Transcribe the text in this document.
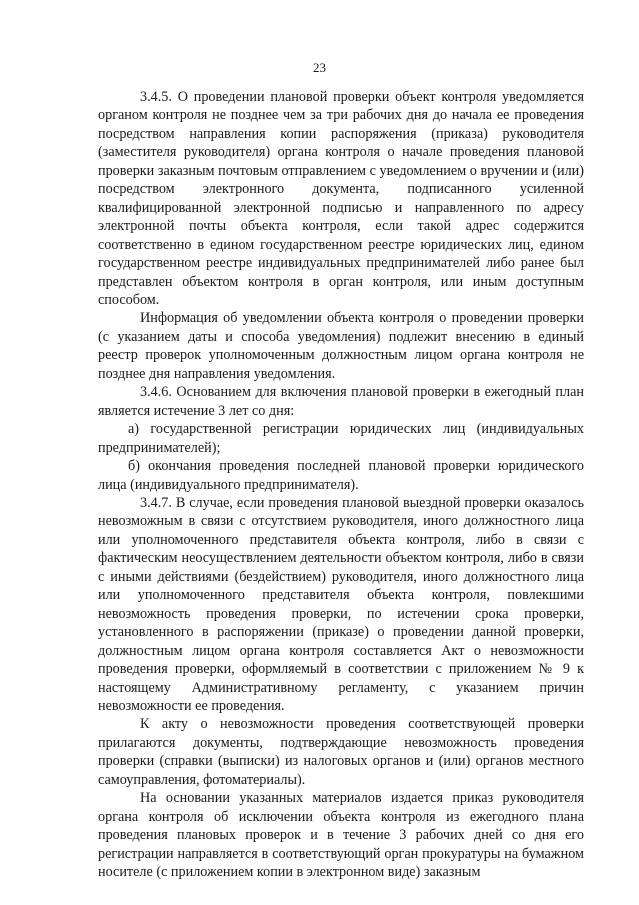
23

3.4.5. О проведении плановой проверки объект контроля уведомляется органом контроля не позднее чем за три рабочих дня до начала ее проведения посредством направления копии распоряжения (приказа) руководителя (заместителя руководителя) органа контроля о начале проведения плановой проверки заказным почтовым отправлением с уведомлением о вручении и (или) посредством электронного документа, подписанного усиленной квалифицированной электронной подписью и направленного по адресу электронной почты объекта контроля, если такой адрес содержится соответственно в едином государственном реестре юридических лиц, едином государственном реестре индивидуальных предпринимателей либо ранее был представлен объектом контроля в орган контроля, или иным доступным способом.

Информация об уведомлении объекта контроля о проведении проверки (с указанием даты и способа уведомления) подлежит внесению в единый реестр проверок уполномоченным должностным лицом органа контроля не позднее дня направления уведомления.

3.4.6. Основанием для включения плановой проверки в ежегодный план является истечение 3 лет со дня:

а) государственной регистрации юридических лиц (индивидуальных предпринимателей);

б) окончания проведения последней плановой проверки юридического лица (индивидуального предпринимателя).

3.4.7. В случае, если проведения плановой выездной проверки оказалось невозможным в связи с отсутствием руководителя, иного должностного лица или уполномоченного представителя объекта контроля, либо в связи с фактическим неосуществлением деятельности объектом контроля, либо в связи с иными действиями (бездействием) руководителя, иного должностного лица или уполномоченного представителя объекта контроля, повлекшими невозможность проведения проверки, по истечении срока проверки, установленного в распоряжении (приказе) о проведении данной проверки, должностным лицом органа контроля составляется Акт о невозможности проведения проверки, оформляемый в соответствии с приложением № 9 к настоящему Административному регламенту, с указанием причин невозможности ее проведения.

К акту о невозможности проведения соответствующей проверки прилагаются документы, подтверждающие невозможность проведения проверки (справки (выписки) из налоговых органов и (или) органов местного самоуправления, фотоматериалы).

На основании указанных материалов издается приказ руководителя органа контроля об исключении объекта контроля из ежегодного плана проведения плановых проверок и в течение 3 рабочих дней со дня его регистрации направляется в соответствующий орган прокуратуры на бумажном носителе (с приложением копии в электронном виде) заказным
